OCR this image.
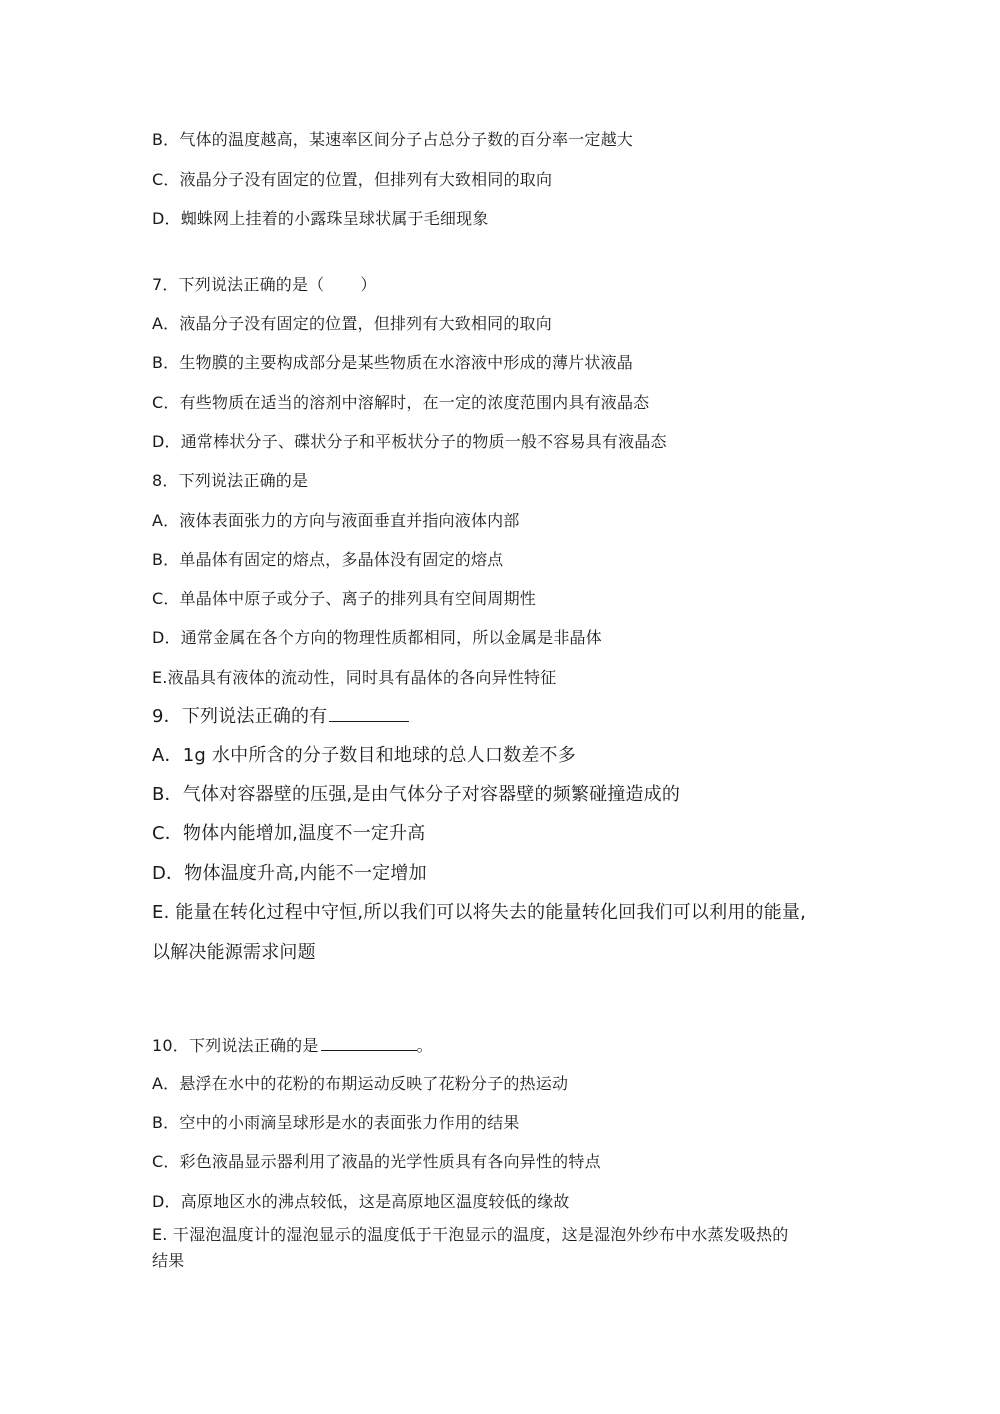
B．气体的温度越高，某速率区间分子占总分子数的百分率一定越大
C．液晶分子没有固定的位置，但排列有大致相同的取向
D．蜘蛛网上挂着的小露珠呈球状属于毛细现象
7．下列说法正确的是（ ）
A．液晶分子没有固定的位置，但排列有大致相同的取向
B．生物膜的主要构成部分是某些物质在水溶液中形成的薄片状液晶
C．有些物质在适当的溶剂中溶解时，在一定的浓度范围内具有液晶态
D．通常棒状分子、碟状分子和平板状分子的物质一般不容易具有液晶态
8．下列说法正确的是
A．液体表面张力的方向与液面垂直并指向液体内部
B．单晶体有固定的熔点，多晶体没有固定的熔点
C．单晶体中原子或分子、离子的排列具有空间周期性
D．通常金属在各个方向的物理性质都相同，所以金属是非晶体
E.液晶具有液体的流动性，同时具有晶体的各向异性特征
9．下列说法正确的有
A．1g 水中所含的分子数目和地球的总人口数差不多
B．气体对容器壁的压强,是由气体分子对容器壁的频繁碰撞造成的
C．物体内能增加,温度不一定升高
D．物体温度升高,内能不一定增加
E. 能量在转化过程中守恒,所以我们可以将失去的能量转化回我们可以利用的能量,
以解决能源需求问题
10．下列说法正确的是	。
A．悬浮在水中的花粉的布期运动反映了花粉分子的热运动
B．空中的小雨滴呈球形是水的表面张力作用的结果
C．彩色液晶显示器利用了液晶的光学性质具有各向异性的特点
D．高原地区水的沸点较低，这是高原地区温度较低的缘故
E. 干湿泡温度计的湿泡显示的温度低于干泡显示的温度，这是湿泡外纱布中水蒸发吸热的
结果
